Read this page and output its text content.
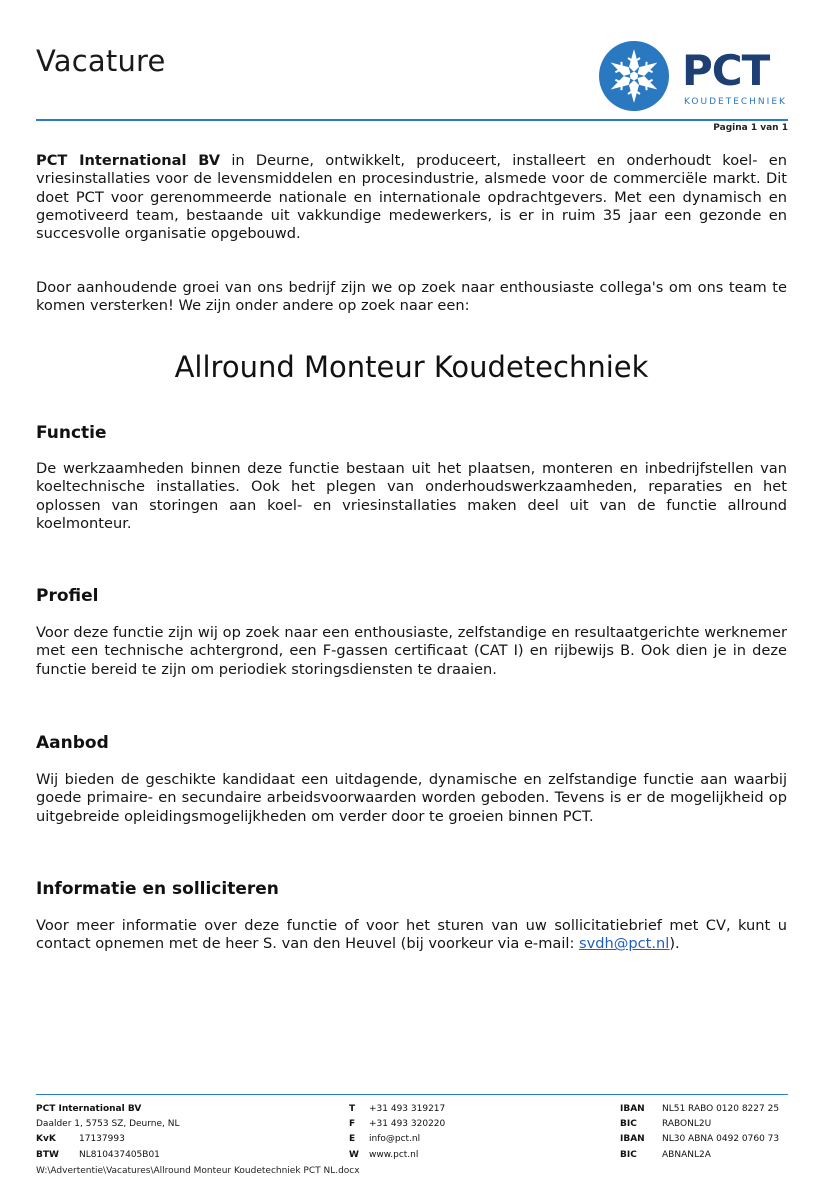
Vacature	PCT
KOUDETECHNIEK
Pagina 1 van 1
PCT International BV in Deurne, ontwikkelt, produceert, installeert en onderhoudt koel- en vriesinstallaties voor de levensmiddelen en procesindustrie, alsmede voor de commerciële markt. Dit doet PCT voor gerenommeerde nationale en internationale opdrachtgevers. Met een dynamisch en gemotiveerd team, bestaande uit vakkundige medewerkers, is er in ruim 35 jaar een gezonde en succesvolle organisatie opgebouwd.
Door aanhoudende groei van ons bedrijf zijn we op zoek naar enthousiaste collega's om ons team te komen versterken! We zijn onder andere op zoek naar een:
Allround Monteur Koudetechniek
Functie
De werkzaamheden binnen deze functie bestaan uit het plaatsen, monteren en inbedrijfstellen van koeltechnische installaties. Ook het plegen van onderhoudswerkzaamheden, reparaties en het oplossen van storingen aan koel- en vriesinstallaties maken deel uit van de functie allround koelmonteur.
Profiel
Voor deze functie zijn wij op zoek naar een enthousiaste, zelfstandige en resultaatgerichte werknemer met een technische achtergrond, een F-gassen certificaat (CAT I) en rijbewijs B. Ook dien je in deze functie bereid te zijn om periodiek storingsdiensten te draaien.
Aanbod
Wij bieden de geschikte kandidaat een uitdagende, dynamische en zelfstandige functie aan waarbij goede primaire- en secundaire arbeidsvoorwaarden worden geboden. Tevens is er de mogelijkheid op uitgebreide opleidingsmogelijkheden om verder door te groeien binnen PCT.
Informatie en solliciteren
Voor meer informatie over deze functie of voor het sturen van uw sollicitatiebrief met CV, kunt u contact opnemen met de heer S. van den Heuvel (bij voorkeur via e-mail: svdh@pct.nl).
PCT International BV
Daalder 1, 5753 SZ, Deurne, NL
KvK	17137993
BTW NL810437405B01
T +31 493 319217
F +31 493 320220
E info@pct.nl
W www.pct.nl
IBAN NL51 RABO 0120 8227 25
BIC	RABONL2U
IBAN NL30 ABNA 0492 0760 73
BIC	ABNANL2A
W:\Advertentie\Vacatures\Allround Monteur Koudetechniek PCT NL.docx
